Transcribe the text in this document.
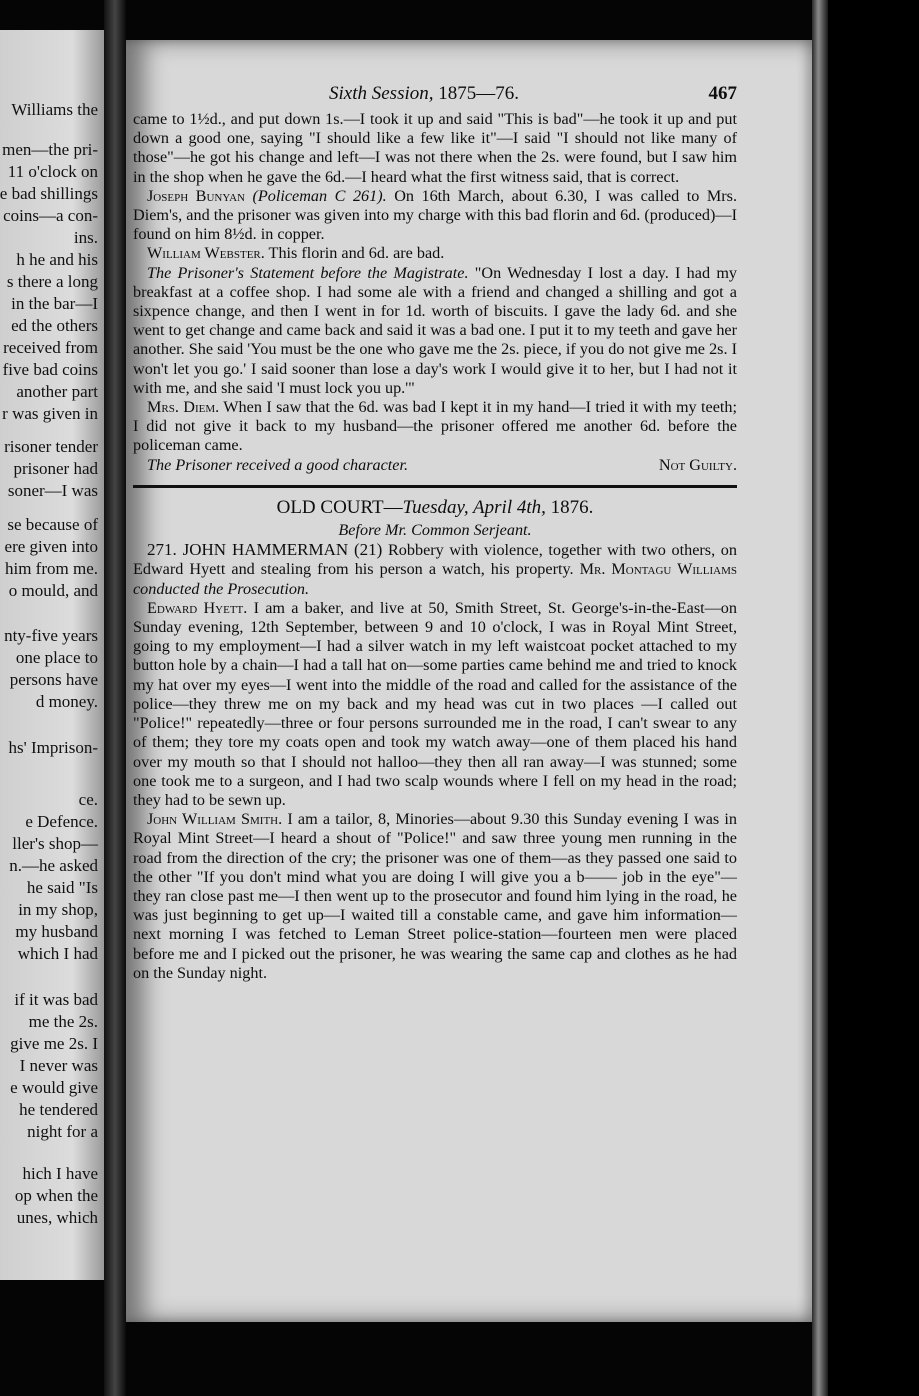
Williams the
men—the pri-
11 o'clock on
e bad shillings
coins—a con-
ins.
h he and his
s there a long
in the bar—I
ed the others
received from
five bad coins
another part
r was given in
risoner tender
prisoner had
soner—I was
se because of
ere given into
him from me.
o mould, and
nty-five years
one place to
persons have
d money.
hs' Imprison-
ce.
e Defence.
ller's shop—
n.—he asked
he said "Is
in my shop,
my husband
which I had
if it was bad
me the 2s.
give me 2s. I
I never was
e would give
he tendered
night for a
hich I have
op when the
unes, which
Sixth Session, 1875—76.	467

came to 1½d., and put down 1s.—I took it up and said "This is bad"—he took it up and put down a good one, saying "I should like a few like it"—I said "I should not like many of those"—he got his change and left—I was not there when the 2s. were found, but I saw him in the shop when he gave the 6d.—I heard what the first witness said, that is correct.

Joseph Bunyan (Policeman C 261). On 16th March, about 6.30, I was called to Mrs. Diem's, and the prisoner was given into my charge with this bad florin and 6d. (produced)—I found on him 8½d. in copper.

William Webster. This florin and 6d. are bad.

The Prisoner's Statement before the Magistrate. "On Wednesday I lost a day. I had my breakfast at a coffee shop. I had some ale with a friend and changed a shilling and got a sixpence change, and then I went in for 1d. worth of biscuits. I gave the lady 6d. and she went to get change and came back and said it was a bad one. I put it to my teeth and gave her another. She said 'You must be the one who gave me the 2s. piece, if you do not give me 2s. I won't let you go.' I said sooner than lose a day's work I would give it to her, but I had not it with me, and she said 'I must lock you up.'"

Mrs. Diem. When I saw that the 6d. was bad I kept it in my hand—I tried it with my teeth; I did not give it back to my husband—the prisoner offered me another 6d. before the policeman came.

The Prisoner received a good character.	Not Guilty.

OLD COURT—Tuesday, April 4th, 1876.

Before Mr. Common Serjeant.

271. JOHN HAMMERMAN (21) Robbery with violence, together with two others, on Edward Hyett and stealing from his person a watch, his property. Mr. Montagu Williams conducted the Prosecution.

Edward Hyett. I am a baker, and live at 50, Smith Street, St. George's-in-the-East—on Sunday evening, 12th September, between 9 and 10 o'clock, I was in Royal Mint Street, going to my employment—I had a silver watch in my left waistcoat pocket attached to my button hole by a chain—I had a tall hat on—some parties came behind me and tried to knock my hat over my eyes—I went into the middle of the road and called for the assistance of the police—they threw me on my back and my head was cut in two places —I called out "Police!" repeatedly—three or four persons surrounded me in the road, I can't swear to any of them; they tore my coats open and took my watch away—one of them placed his hand over my mouth so that I should not halloo—they then all ran away—I was stunned; some one took me to a surgeon, and I had two scalp wounds where I fell on my head in the road; they had to be sewn up.

John William Smith. I am a tailor, 8, Minories—about 9.30 this Sunday evening I was in Royal Mint Street—I heard a shout of "Police!" and saw three young men running in the road from the direction of the cry; the prisoner was one of them—as they passed one said to the other "If you don't mind what you are doing I will give you a b—— job in the eye"—they ran close past me—I then went up to the prosecutor and found him lying in the road, he was just beginning to get up—I waited till a constable came, and gave him information—next morning I was fetched to Leman Street police-station—fourteen men were placed before me and I picked out the prisoner, he was wearing the same cap and clothes as he had on the Sunday night.
